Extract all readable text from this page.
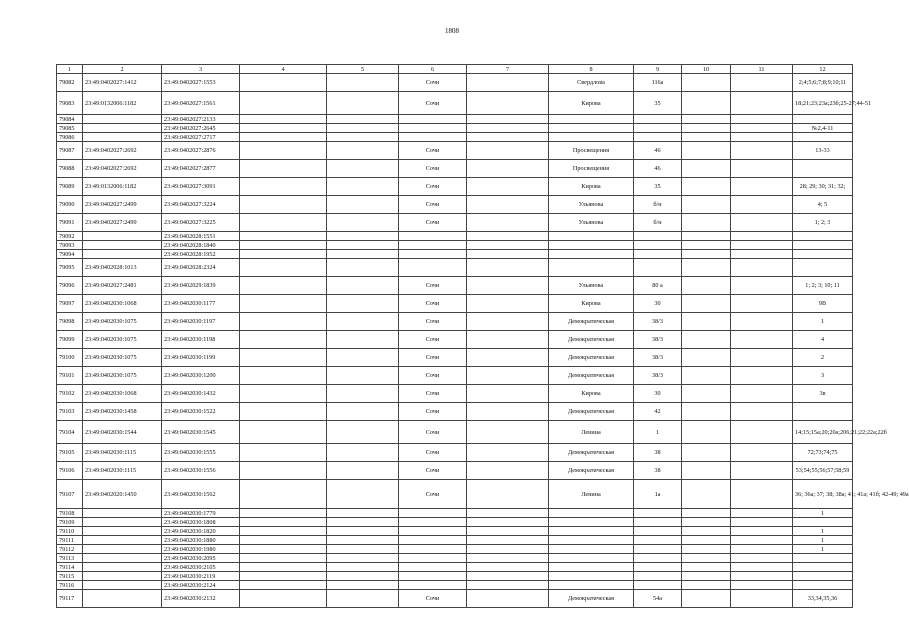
1808
1	2	3	4	5	6	7	8	9	10	11	12
79082	23:49:0402027:1412	23:49:0402027:1553			Сочи		Свердлова	116а			2;4;5;6;7;8;9;10;11
79083	23:49:0132006:1182	23:49:0402027:1561			Сочи		Кирова	35			18;21;23;23а;23б;25-27;44-51
79084		23:49:0402027:2133									
79085		23:49:0402027:2645									№2,4-11
79086		23:49:0402027:2717									
79087	23:49:0402027:2692	23:49:0402027:2876			Сочи		Просвещения	46			13-33
79088	23:49:0402027:2692	23:49:0402027:2877			Сочи		Просвещения	46			
79089	23:49:0132006:1182	23:49:0402027:3091			Сочи		Кирова	35			28; 29; 30; 31; 32;
79090	23:49:0402027:2499	23:49:0402027:3224			Сочи		Ульянова	б/н			4; 5
79091	23:49:0402027:2499	23:49:0402027:3225			Сочи		Ульянова	б/н			1; 2; 3
79092		23:49:0402028:1551									
79093		23:49:0402028:1840									
79094		23:49:0402028:1952									
79095	23:49:0402028:1013	23:49:0402028:2324									
79096	23:49:0402027:2481	23:49:0402029:1839			Сочи		Ульянова	80 а			1; 2; 3; 10; 11
79097	23:49:0402030:1068	23:49:0402030:1177			Сочи		Кирова	30			9В
79098	23:49:0402030:1075	23:49:0402030:1197			Сочи		Демократическая	38/3			1
79099	23:49:0402030:1075	23:49:0402030:1198			Сочи		Демократическая	38/3			4
79100	23:49:0402030:1075	23:49:0402030:1199			Сочи		Демократическая	38/3			2
79101	23:49:0402030:1075	23:49:0402030:1200			Сочи		Демократическая	38/3			3
79102	23:49:0402030:1068	23:49:0402030:1432			Сочи		Кирова	30			3в
79103	23:49:0402030:1458	23:49:0402030:1522			Сочи		Демократическая	42			
79104	23:49:0402030:1544	23:49:0402030:1545			Сочи		Ленина	1			14;15;15а;20;20а;206;21;22;22а;22б
79105	23:49:0402030:1115	23:49:0402030:1555			Сочи		Демократическая	38			72;73;74;75
79106	23:49:0402030:1115	23:49:0402030:1556			Сочи		Демократическая	38			53;54;55;56;57;58;59
79107	23:49:0402020:1450	23:49:0402030:1562			Сочи		Ленина	1а			36; 36а; 37; 38; 38а; 41; 41а; 41б; 42-49; 49а
79108		23:49:0402030:1779									1
79109		23:49:0402030:1808									
79110		23:49:0402030:1820									1
79111		23:49:0402030:1880									1
79112		23:49:0402030:1980									1
79113		23:49:0402030:2095									
79114		23:49:0402030:2105									
79115		23:49:0402030:2119									
79116		23:49:0402030:2124									
79117		23:49:0402030:2132			Сочи		Демократическая	54а			33,34,35,36
